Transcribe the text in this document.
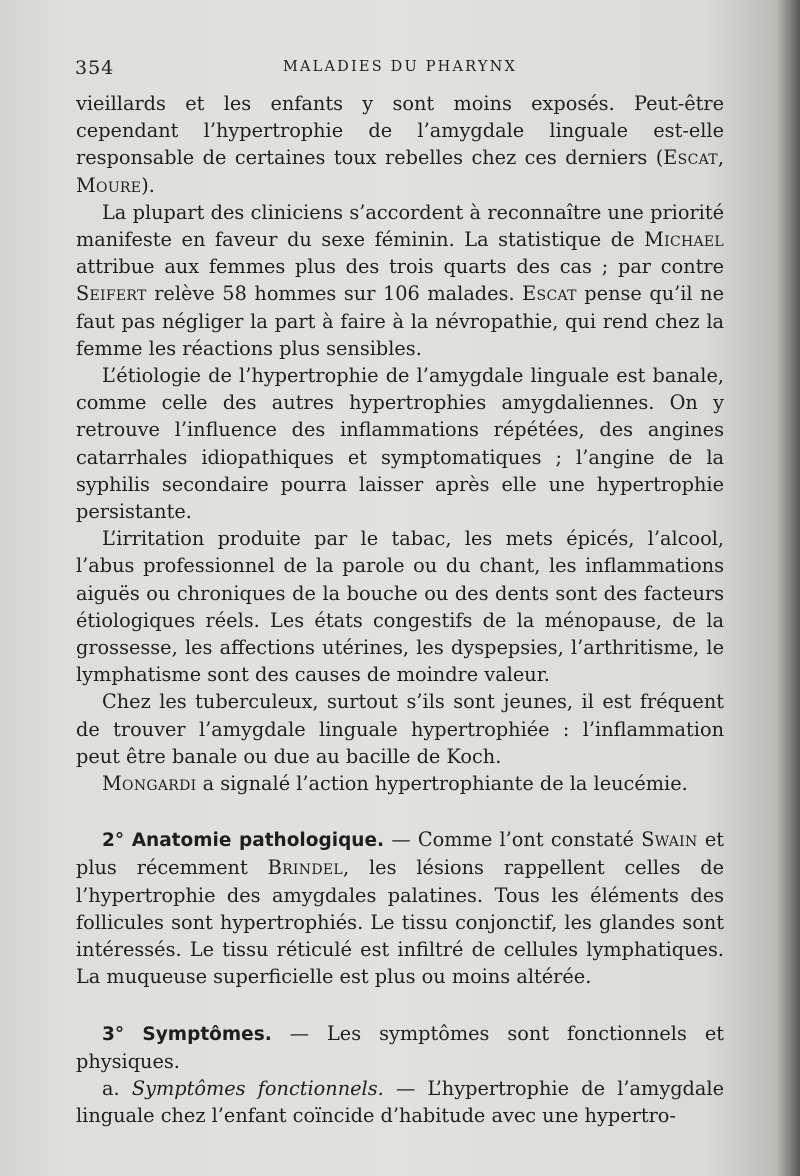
354	MALADIES DU PHARYNX

vieillards et les enfants y sont moins exposés. Peut-être cependant l’hypertrophie de l’amygdale linguale est-elle responsable de certaines toux rebelles chez ces derniers (Escat, Moure).

La plupart des cliniciens s’accordent à reconnaître une priorité manifeste en faveur du sexe féminin. La statistique de Michael attribue aux femmes plus des trois quarts des cas ; par contre Seifert relève 58 hommes sur 106 malades. Escat pense qu’il ne faut pas négliger la part à faire à la névropathie, qui rend chez la femme les réactions plus sensibles.

L’étiologie de l’hypertrophie de l’amygdale linguale est banale, comme celle des autres hypertrophies amygdaliennes. On y retrouve l’influence des inflammations répétées, des angines catarrhales idiopathiques et symptomatiques ; l’angine de la syphilis secondaire pourra laisser après elle une hypertrophie persistante.

L’irritation produite par le tabac, les mets épicés, l’alcool, l’abus professionnel de la parole ou du chant, les inflammations aiguës ou chroniques de la bouche ou des dents sont des facteurs étiologiques réels. Les états congestifs de la ménopause, de la grossesse, les affections utérines, les dyspepsies, l’arthritisme, le lymphatisme sont des causes de moindre valeur.

Chez les tuberculeux, surtout s’ils sont jeunes, il est fréquent de trouver l’amygdale linguale hypertrophiée : l’inflammation peut être banale ou due au bacille de Koch.

Mongardi a signalé l’action hypertrophiante de la leucémie.

2° Anatomie pathologique. — Comme l’ont constaté Swain et plus récemment Brindel, les lésions rappellent celles de l’hypertrophie des amygdales palatines. Tous les éléments des follicules sont hypertrophiés. Le tissu conjonctif, les glandes sont intéressés. Le tissu réticulé est infiltré de cellules lymphatiques. La muqueuse superficielle est plus ou moins altérée.

3° Symptômes. — Les symptômes sont fonctionnels et physiques.

a. Symptômes fonctionnels. — L’hypertrophie de l’amygdale linguale chez l’enfant coïncide d’habitude avec une hypertro-
